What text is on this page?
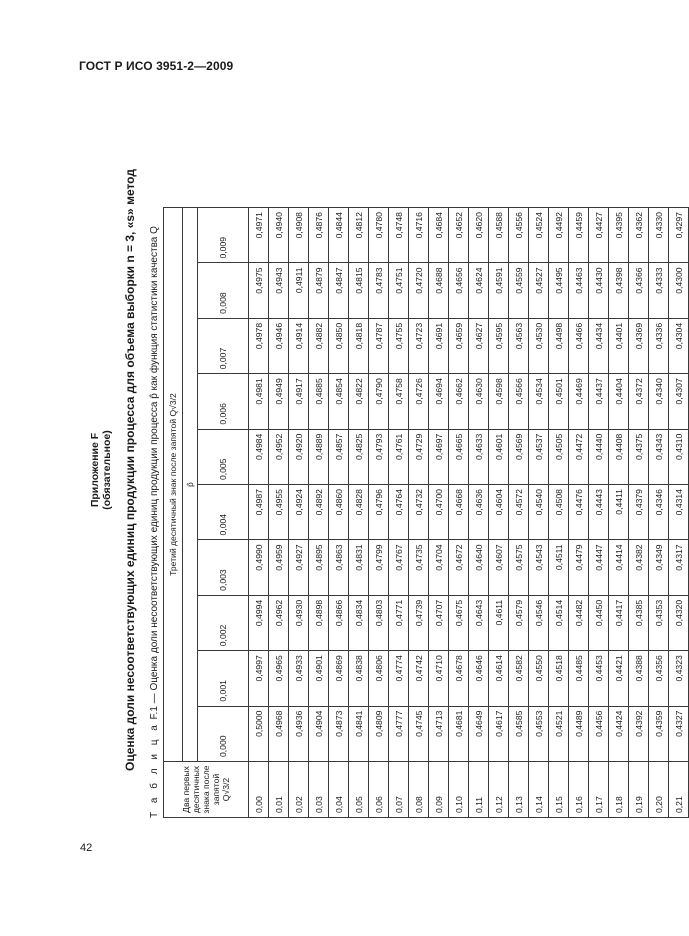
ГОСТ Р ИСО 3951-2—2009
42
Приложение F (обязательное) Оценка доли несоответствующих единиц продукции процесса для объема выборки n = 3, «s» метод Т а б л и ц а F.1 — Оценка доли несоответствующих единиц продукции процесса p̂ как функция статистики качества Q
Два первых десятичных знака после запятой Q√3/2	Третий десятичный знак после запятой Q√3/2									
	p̂									
	0,000	0,001	0,002	0,003	0,004	0,005	0,006	0,007	0,008	0,009
0,00	0,5000	0,4997	0,4994	0,4990	0,4987	0,4984	0,4981	0,4978	0,4975	0,4971
0,01	0,4968	0,4965	0,4962	0,4959	0,4955	0,4952	0,4949	0,4946	0,4943	0,4940
0,02	0,4936	0,4933	0,4930	0,4927	0,4924	0,4920	0,4917	0,4914	0,4911	0,4908
0,03	0,4904	0,4901	0,4898	0,4895	0,4892	0,4889	0,4885	0,4882	0,4879	0,4876
0,04	0,4873	0,4869	0,4866	0,4863	0,4860	0,4857	0,4854	0,4850	0,4847	0,4844
0,05	0,4841	0,4838	0,4834	0,4831	0,4828	0,4825	0,4822	0,4818	0,4815	0,4812
0,06	0,4809	0,4806	0,4803	0,4799	0,4796	0,4793	0,4790	0,4787	0,4783	0,4780
0,07	0,4777	0,4774	0,4771	0,4767	0,4764	0,4761	0,4758	0,4755	0,4751	0,4748
0,08	0,4745	0,4742	0,4739	0,4735	0,4732	0,4729	0,4726	0,4723	0,4720	0,4716
0,09	0,4713	0,4710	0,4707	0,4704	0,4700	0,4697	0,4694	0,4691	0,4688	0,4684
0,10	0,4681	0,4678	0,4675	0,4672	0,4668	0,4665	0,4662	0,4659	0,4656	0,4652
0,11	0,4649	0,4646	0,4643	0,4640	0,4636	0,4633	0,4630	0,4627	0,4624	0,4620
0,12	0,4617	0,4614	0,4611	0,4607	0,4604	0,4601	0,4598	0,4595	0,4591	0,4588
0,13	0,4585	0,4582	0,4579	0,4575	0,4572	0,4569	0,4566	0,4563	0,4559	0,4556
0,14	0,4553	0,4550	0,4546	0,4543	0,4540	0,4537	0,4534	0,4530	0,4527	0,4524
0,15	0,4521	0,4518	0,4514	0,4511	0,4508	0,4505	0,4501	0,4498	0,4495	0,4492
0,16	0,4489	0,4485	0,4482	0,4479	0,4476	0,4472	0,4469	0,4466	0,4463	0,4459
0,17	0,4456	0,4453	0,4450	0,4447	0,4443	0,4440	0,4437	0,4434	0,4430	0,4427
0,18	0,4424	0,4421	0,4417	0,4414	0,4411	0,4408	0,4404	0,4401	0,4398	0,4395
0,19	0,4392	0,4388	0,4385	0,4382	0,4379	0,4375	0,4372	0,4369	0,4366	0,4362
0,20	0,4359	0,4356	0,4353	0,4349	0,4346	0,4343	0,4340	0,4336	0,4333	0,4330
0,21	0,4327	0,4323	0,4320	0,4317	0,4314	0,4310	0,4307	0,4304	0,4300	0,4297
